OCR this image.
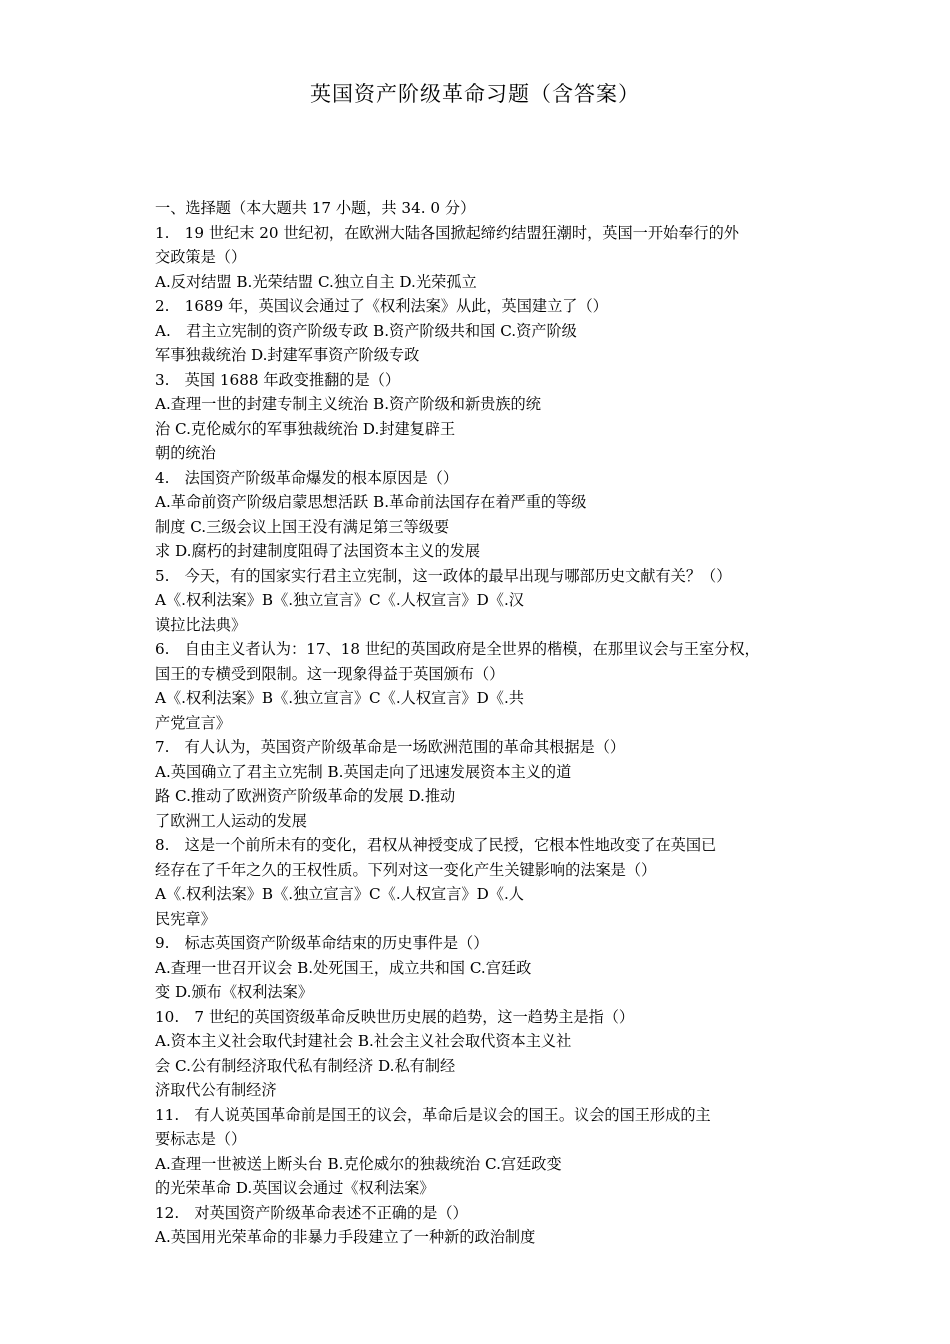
英国资产阶级革命习题（含答案）
一、选择题（本大题共 17 小题，共 34. 0 分）
1.　19 世纪末 20 世纪初，在欧洲大陆各国掀起缔约结盟狂潮时，英国一开始奉行的外
交政策是（）
A.反对结盟 B.光荣结盟 C.独立自主 D.光荣孤立
2.　1689 年，英国议会通过了《权利法案》从此，英国建立了（）
A.　君主立宪制的资产阶级专政 B.资产阶级共和国 C.资产阶级
军事独裁统治 D.封建军事资产阶级专政
3.　英国 1688 年政变推翻的是（）
A.查理一世的封建专制主义统治 B.资产阶级和新贵族的统
治 C.克伦威尔的军事独裁统治 D.封建复辟王
朝的统治
4.　法国资产阶级革命爆发的根本原因是（）
A.革命前资产阶级启蒙思想活跃 B.革命前法国存在着严重的等级
制度 C.三级会议上国王没有满足第三等级要
求 D.腐朽的封建制度阻碍了法国资本主义的发展
5.　今天，有的国家实行君主立宪制，这一政体的最早出现与哪部历史文献有关？（）
A《.权利法案》B《.独立宣言》C《.人权宣言》D《.汉
谟拉比法典》
6.　自由主义者认为：17、18 世纪的英国政府是全世界的楷模，在那里议会与王室分权，
国王的专横受到限制。这一现象得益于英国颁布（）
A《.权利法案》B《.独立宣言》C《.人权宣言》D《.共
产党宣言》
7.　有人认为，英国资产阶级革命是一场欧洲范围的革命其根据是（）
A.英国确立了君主立宪制 B.英国走向了迅速发展资本主义的道
路 C.推动了欧洲资产阶级革命的发展 D.推动
了欧洲工人运动的发展
8.　这是一个前所未有的变化，君权从神授变成了民授，它根本性地改变了在英国已
经存在了千年之久的王权性质。下列对这一变化产生关键影响的法案是（）
A《.权利法案》B《.独立宣言》C《.人权宣言》D《.人
民宪章》
9.　标志英国资产阶级革命结束的历史事件是（）
A.查理一世召开议会 B.处死国王，成立共和国 C.宫廷政
变 D.颁布《权利法案》
10.　7 世纪的英国资级革命反映世历史展的趋势，这一趋势主是指（）
A.资本主义社会取代封建社会 B.社会主义社会取代资本主义社
会 C.公有制经济取代私有制经济 D.私有制经
济取代公有制经济
11.　有人说英国革命前是国王的议会，革命后是议会的国王。议会的国王形成的主
要标志是（）
A.查理一世被送上断头台 B.克伦威尔的独裁统治 C.宫廷政变
的光荣革命 D.英国议会通过《权利法案》
12.　对英国资产阶级革命表述不正确的是（）
A.英国用光荣革命的非暴力手段建立了一种新的政治制度
